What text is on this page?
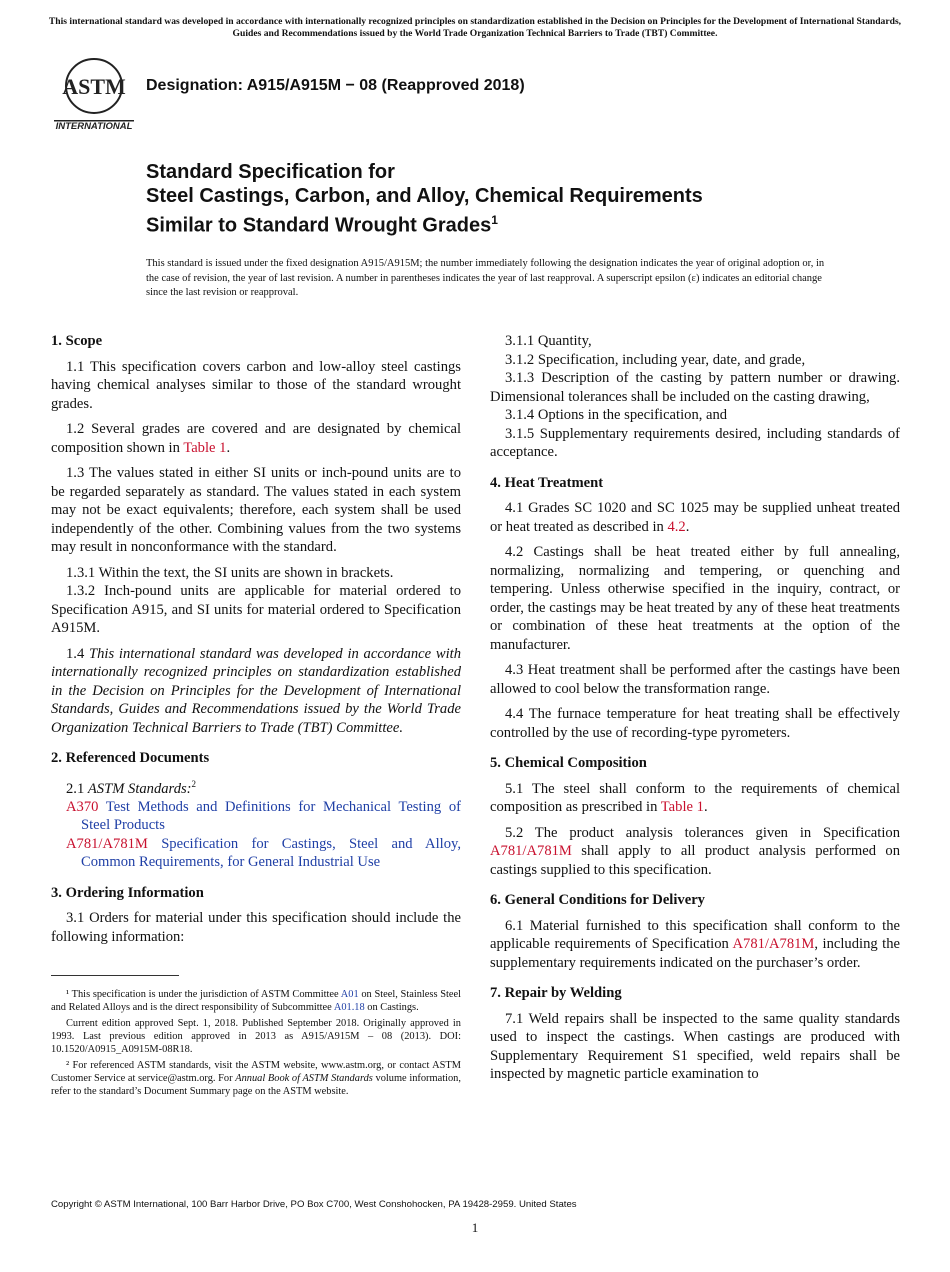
This international standard was developed in accordance with internationally recognized principles on standardization established in the Decision on Principles for the Development of International Standards, Guides and Recommendations issued by the World Trade Organization Technical Barriers to Trade (TBT) Committee.
ASTM
INTERNATIONAL
Designation: A915/A915M − 08 (Reapproved 2018)
Standard Specification for
Steel Castings, Carbon, and Alloy, Chemical Requirements
Similar to Standard Wrought Grades$^1$

This standard is issued under the fixed designation A915/A915M; the number immediately following the designation indicates the year of original adoption or, in the case of revision, the year of last revision. A number in parentheses indicates the year of last reapproval. A superscript epsilon (ε) indicates an editorial change since the last revision or reapproval.

1. Scope

1.1 This specification covers carbon and low-alloy steel castings having chemical analyses similar to those of the standard wrought grades.

1.2 Several grades are covered and are designated by chemical composition shown in Table 1.

1.3 The values stated in either SI units or inch-pound units are to be regarded separately as standard. The values stated in each system may not be exact equivalents; therefore, each system shall be used independently of the other. Combining values from the two systems may result in nonconformance with the standard.

1.3.1 Within the text, the SI units are shown in brackets.

1.3.2 Inch-pound units are applicable for material ordered to Specification A915, and SI units for material ordered to Specification A915M.

1.4 This international standard was developed in accordance with internationally recognized principles on standardization established in the Decision on Principles for the Development of International Standards, Guides and Recommendations issued by the World Trade Organization Technical Barriers to Trade (TBT) Committee.

2. Referenced Documents

2.1 ASTM Standards:$^2$

A370 Test Methods and Definitions for Mechanical Testing of Steel Products

A781/A781M Specification for Castings, Steel and Alloy, Common Requirements, for General Industrial Use

3. Ordering Information

3.1 Orders for material under this specification should include the following information:

3.1.1 Quantity,

3.1.2 Specification, including year, date, and grade,

3.1.3 Description of the casting by pattern number or drawing. Dimensional tolerances shall be included on the casting drawing,

3.1.4 Options in the specification, and

3.1.5 Supplementary requirements desired, including standards of acceptance.

4. Heat Treatment

4.1 Grades SC 1020 and SC 1025 may be supplied unheat treated or heat treated as described in 4.2.

4.2 Castings shall be heat treated either by full annealing, normalizing, normalizing and tempering, or quenching and tempering. Unless otherwise specified in the inquiry, contract, or order, the castings may be heat treated by any of these heat treatments or combination of these heat treatments at the option of the manufacturer.

4.3 Heat treatment shall be performed after the castings have been allowed to cool below the transformation range.

4.4 The furnace temperature for heat treating shall be effectively controlled by the use of recording-type pyrometers.

5. Chemical Composition

5.1 The steel shall conform to the requirements of chemical composition as prescribed in Table 1.

5.2 The product analysis tolerances given in Specification A781/A781M shall apply to all product analysis performed on castings supplied to this specification.

6. General Conditions for Delivery

6.1 Material furnished to this specification shall conform to the applicable requirements of Specification A781/A781M, including the supplementary requirements indicated on the purchaser’s order.

7. Repair by Welding

7.1 Weld repairs shall be inspected to the same quality standards used to inspect the castings. When castings are produced with Supplementary Requirement S1 specified, weld repairs shall be inspected by magnetic particle examination to

¹ This specification is under the jurisdiction of ASTM Committee A01 on Steel, Stainless Steel and Related Alloys and is the direct responsibility of Subcommittee A01.18 on Castings.

Current edition approved Sept. 1, 2018. Published September 2018. Originally approved in 1993. Last previous edition approved in 2013 as A915/A915M – 08 (2013). DOI: 10.1520/A0915_A0915M-08R18.

² For referenced ASTM standards, visit the ASTM website, www.astm.org, or contact ASTM Customer Service at service@astm.org. For Annual Book of ASTM Standards volume information, refer to the standard’s Document Summary page on the ASTM website.

Copyright © ASTM International, 100 Barr Harbor Drive, PO Box C700, West Conshohocken, PA 19428-2959. United States
1
